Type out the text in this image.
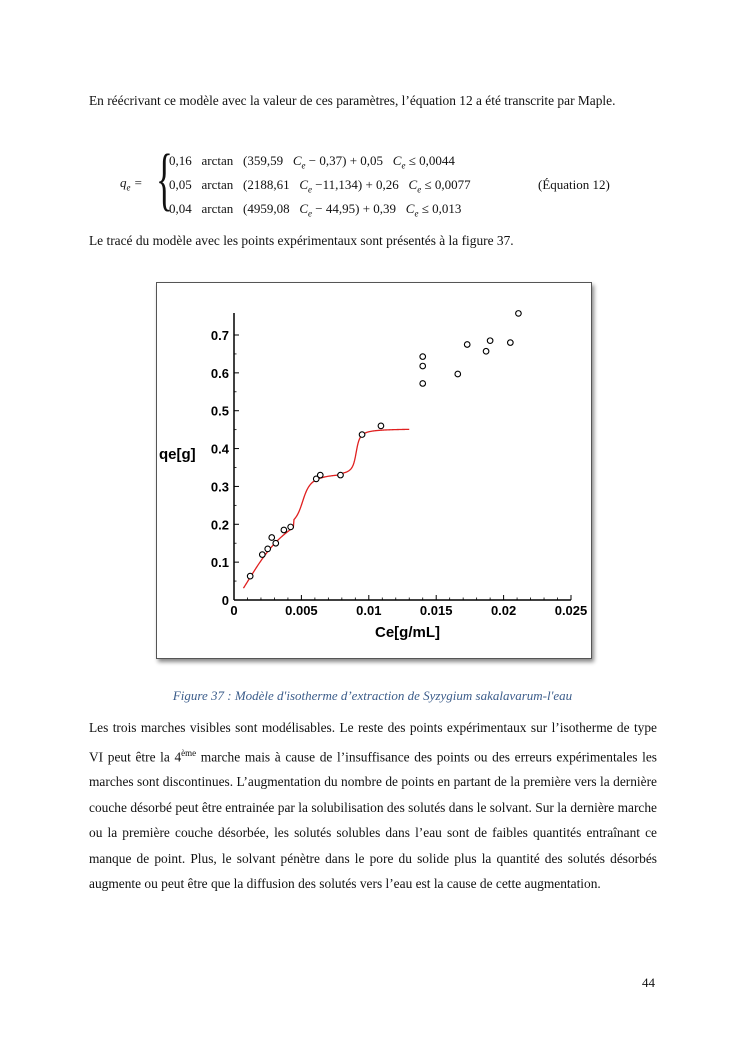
En réécrivant ce modèle avec la valeur de ces paramètres, l’équation 12 a été transcrite par Maple.

$q_e$ = {
0,16 arctan (359,59 $C_e - 0,37) + 0,05$ $C_e \le 0,0044$
0,05 arctan (2188,61 $C_e -11,134) + 0,26$ $C_e \le 0,0077$
0,04 arctan (4959,08 $C_e - 44,95) + 0,39$ $C_e \le 0,013$
(Équation 12)

Le tracé du modèle avec les points expérimentaux sont présentés à la figure 37.

0	0.005	0.01	0.015	0.02	0.025
0
0.1
0.2
0.3
0.4
0.5
0.6
0.7
Ce[g/mL]
qe[g]
Figure 37 : Modèle d'isotherme d’extraction de Syzygium sakalavarum-l'eau

Les trois marches visibles sont modélisables. Le reste des points expérimentaux sur l’isotherme de type VI peut être la 4ème marche mais à cause de l’insuffisance des points ou des erreurs expérimentales les marches sont discontinues. L’augmentation du nombre de points en partant de la première vers la dernière couche désorbé peut être entrainée par la solubilisation des solutés dans le solvant. Sur la dernière marche ou la première couche désorbée, les solutés solubles dans l’eau sont de faibles quantités entraînant ce manque de point. Plus, le solvant pénètre dans le pore du solide plus la quantité des solutés désorbés augmente ou peut être que la diffusion des solutés vers l’eau est la cause de cette augmentation.

44
